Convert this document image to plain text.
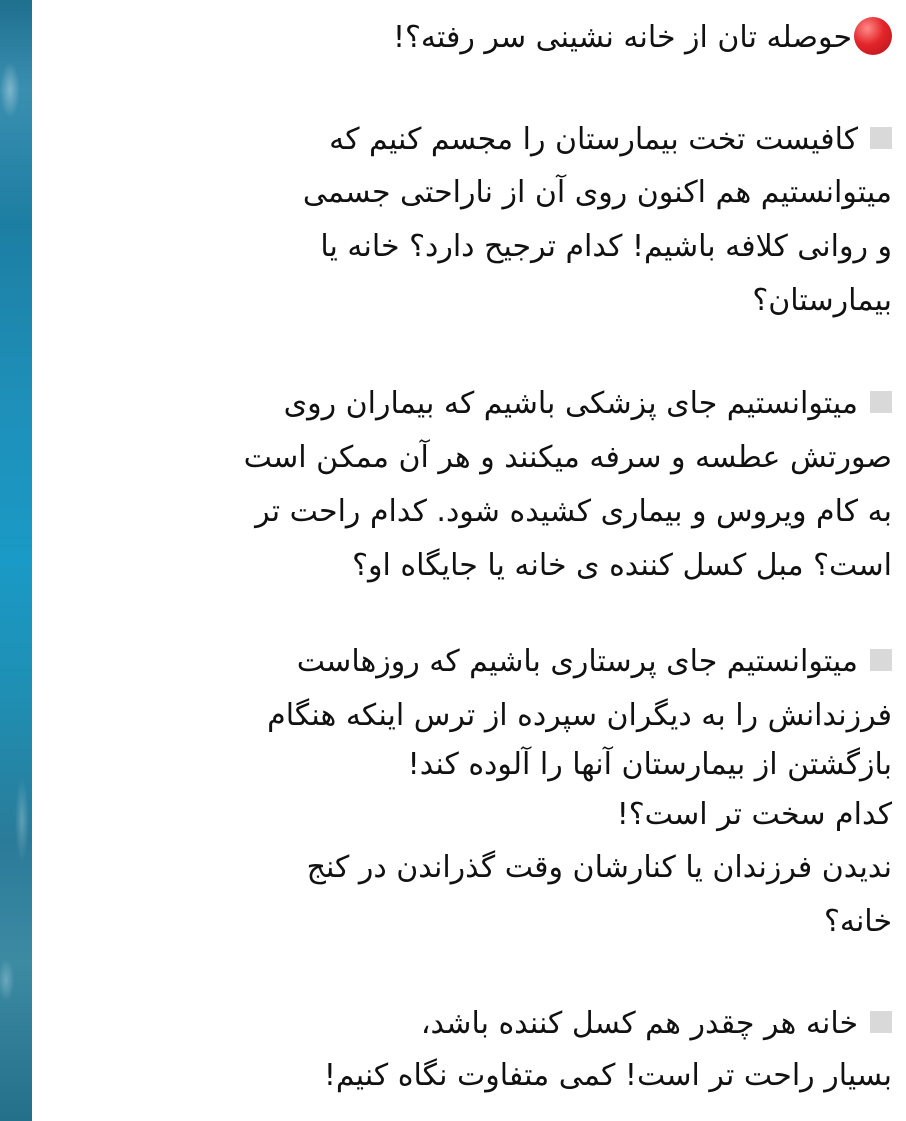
حوصله تان از خانه نشینی سر رفته؟!
کافیست تخت بیمارستان را مجسم کنیم که
میتوانستیم هم اکنون روی آن از ناراحتی جسمی
و روانی کلافه باشیم! کدام ترجیح دارد؟ خانه یا
بیمارستان؟
میتوانستیم جای پزشکی باشیم که بیماران روی
صورتش عطسه و سرفه میکنند و هر آن ممکن است
به کام ویروس و بیماری کشیده شود. کدام راحت تر
است؟ مبل کسل کننده ی خانه یا جایگاه او؟
میتوانستیم جای پرستاری باشیم که روزهاست
فرزندانش را به دیگران سپرده از ترس اینکه هنگام
بازگشتن از بیمارستان آنها را آلوده کند!
کدام سخت تر است؟!
ندیدن فرزندان یا کنارشان وقت گذراندن در کنج
خانه؟
خانه هر چقدر هم کسل کننده باشد،
بسیار راحت تر است! کمی متفاوت نگاه کنیم!
